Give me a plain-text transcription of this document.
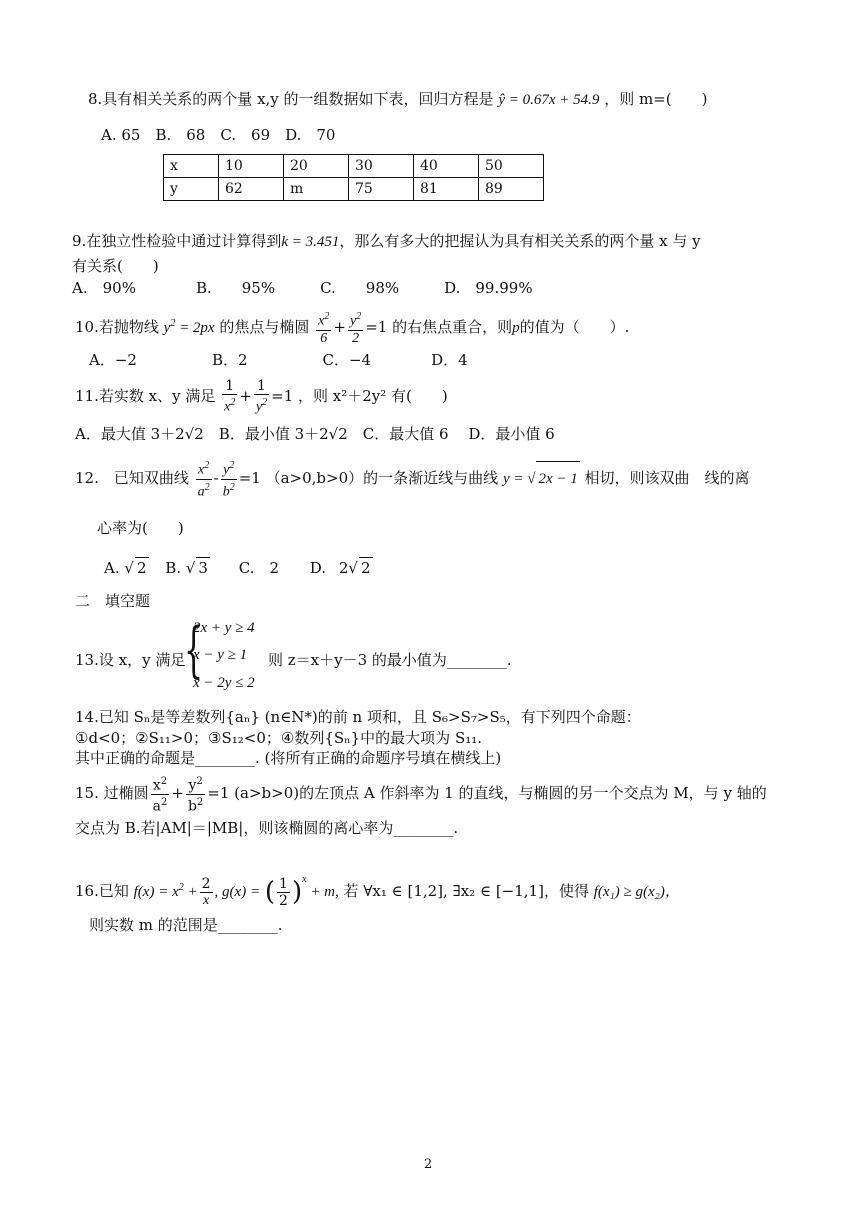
8.具有相关关系的两个量 x,y 的一组数据如下表，回归方程是 ŷ = 0.67x + 54.9 ，则 m=(　　)
A. 65　B.　68　C.　69　D.　70
x	10	20	30	40	50
y	62	m	75	81	89
9.在独立性检验中通过计算得到k = 3.451，那么有多大的把握认为具有相关关系的两个量 x 与 y
有关系(　　)
A.　90%　　　　B.　　95%　　　C.　　98%　　　D.　99.99%
10.若抛物线 $y^2 = 2px$ 的焦点与椭圆 $\frac{x^2}{6} + \frac{y^2}{2} =1$ 的右焦点重合，则p的值为（　　）.
A．−2　　　　　B．2　　　　　C．−4　　　　D．4
11.若实数 x、y 满足 $\frac{1}{x^2} + \frac{1}{y^2} =1$ ，则 x²＋2y² 有(　　)
A．最大值 3＋2√2　B．最小值 3＋2√2　C．最大值 6　 D．最小值 6
12.　已知双曲线 $\frac{x^2}{a^2} - \frac{y^2}{b^2} =1$ （a>0,b>0）的一条渐近线与曲线 y = √ 2x − 1 相切，则该双曲　线的离
心率为(　　)
A. √ 2 B. √ 3 C.　2 D. 2√ 2
二　填空题
13.设 x，y 满足
{
2x + y ≥ 4
x − y ≥ 1
x − 2y ≤ 2
则 z＝x＋y－3 的最小值为________.
14.已知 Sₙ是等差数列{aₙ} (n∈N*)的前 n 项和，且 S₆>S₇>S₅，有下列四个命题：
①d<0；②S₁₁>0；③S₁₂<0；④数列{Sₙ}中的最大项为 S₁₁.
其中正确的命题是________. (将所有正确的命题序号填在横线上)
15. 过椭圆 $\frac{x^2}{a^2} + \frac{y^2}{b^2} =1$ (a>b>0)的左顶点 A 作斜率为 1 的直线，与椭圆的另一个交点为 M，与 y 轴的
交点为 B.若|AM|＝|MB|，则该椭圆的离心率为________.
16.已知 $f(x) = x^2 + \frac{2}{x}$ , g(x) = ( $\frac{1}{2} )^x + m$, 若 ∀x₁ ∈ [1,2], ∃x₂ ∈ [−1,1]，使得 f(x₁) ≥ g(x₂)，
则实数 m 的范围是________.
2
